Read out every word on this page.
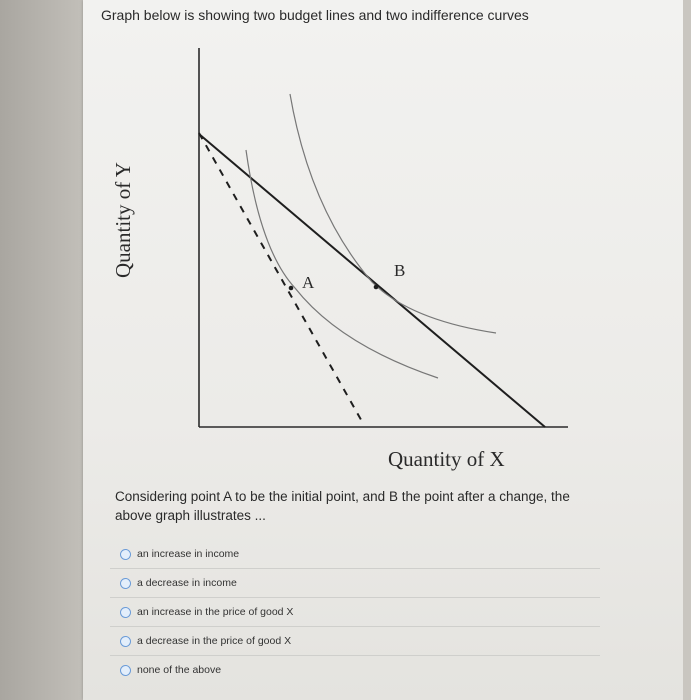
Graph below is showing two budget lines and two indifference curves
A
B
Quantity of Y
Quantity of X
Considering point A to be the initial point, and B the point after a change, the above graph illustrates ...
an increase in income
a decrease in income
an increase in the price of good X
a decrease in the price of good X
none of the above
